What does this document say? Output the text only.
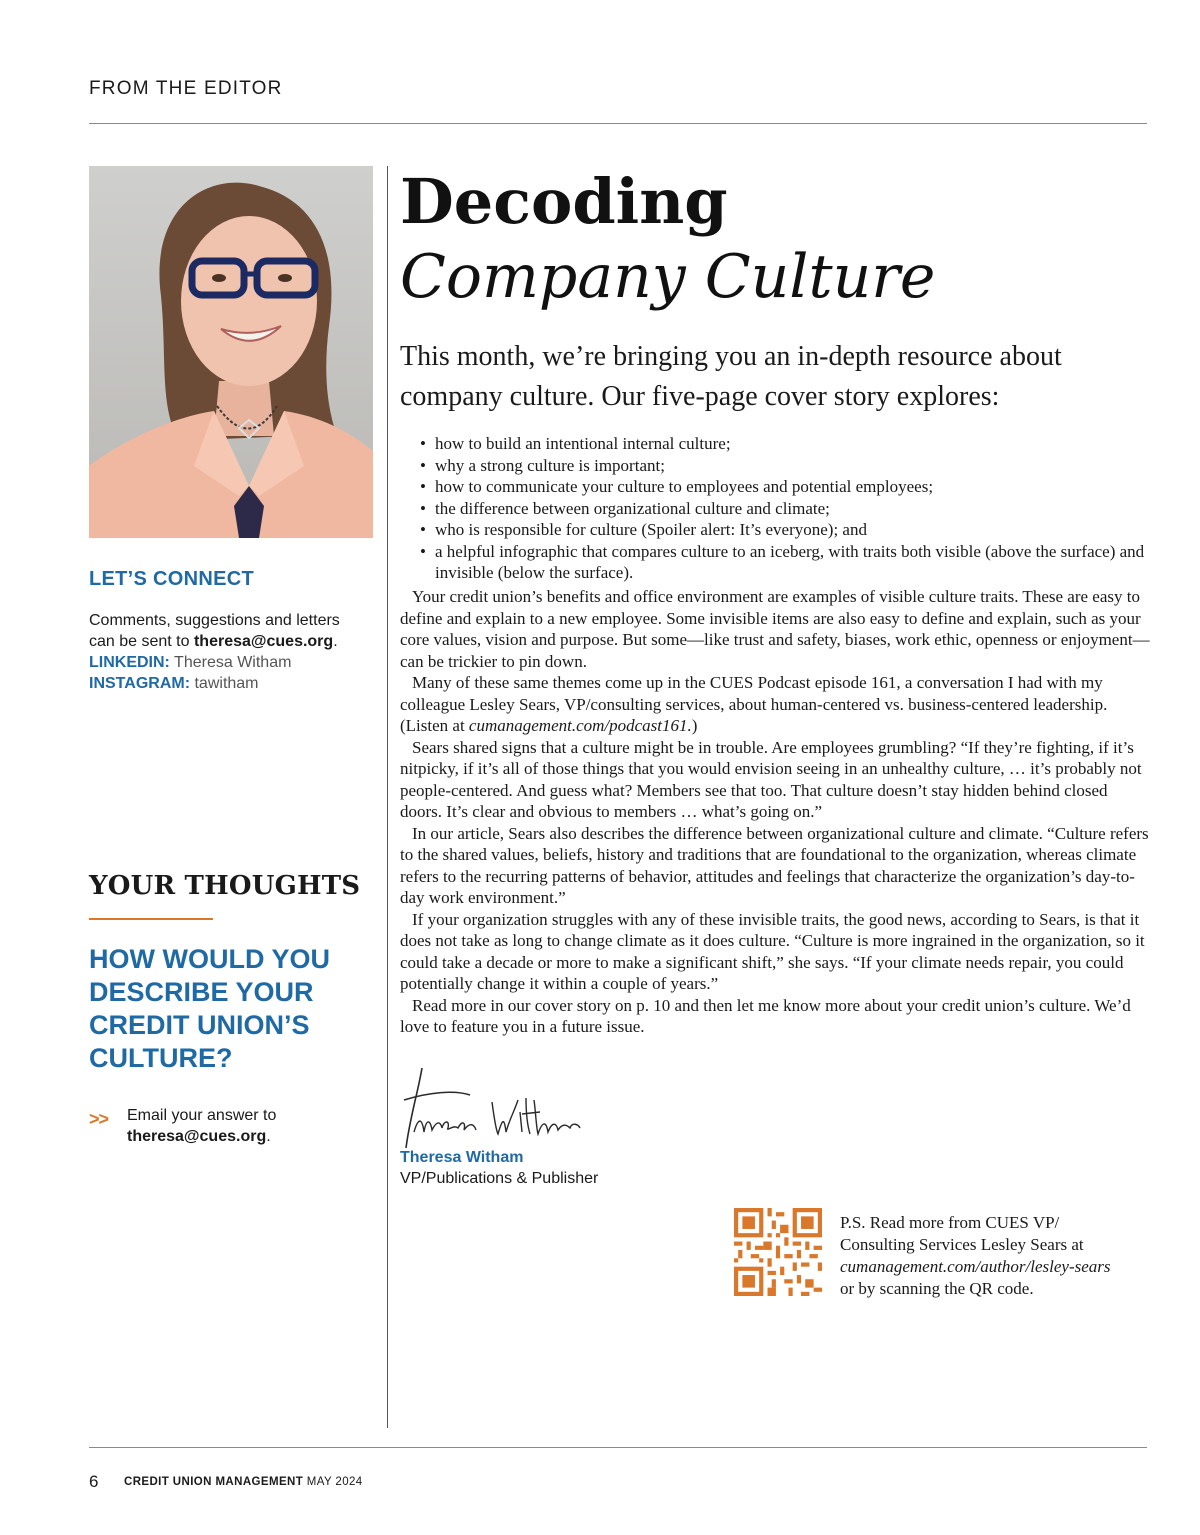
FROM THE EDITOR
LET’S CONNECT
Comments, suggestions and letters
can be sent to theresa@cues.org.
LINKEDIN: Theresa Witham
INSTAGRAM: tawitham
YOUR THOUGHTS
HOW WOULD YOU DESCRIBE YOUR CREDIT UNION’S CULTURE?
>> Email your answer to
theresa@cues.org.
Decoding
Company Culture
This month, we’re bringing you an in-depth resource about company culture. Our five-page cover story explores:
• how to build an intentional internal culture;
• why a strong culture is important;
• how to communicate your culture to employees and potential employees;
• the difference between organizational culture and climate;
• who is responsible for culture (Spoiler alert: It’s everyone); and
• a helpful infographic that compares culture to an iceberg, with traits both visible (above the surface) and invisible (below the surface).

Your credit union’s benefits and office environment are examples of visible culture traits. These are easy to define and explain to a new employee. Some invisible items are also easy to define and explain, such as your core values, vision and purpose. But some—like trust and safety, biases, work ethic, openness or enjoyment—can be trickier to pin down.

Many of these same themes come up in the CUES Podcast episode 161, a conversation I had with my colleague Lesley Sears, VP/consulting services, about human-centered vs. business-centered leadership. (Listen at cumanagement.com/podcast161.)

Sears shared signs that a culture might be in trouble. Are employees grumbling? “If they’re fighting, if it’s nitpicky, if it’s all of those things that you would envision seeing in an unhealthy culture, … it’s probably not people-centered. And guess what? Members see that too. That culture doesn’t stay hidden behind closed doors. It’s clear and obvious to members … what’s going on.”

In our article, Sears also describes the difference between organizational culture and climate. “Culture refers to the shared values, beliefs, history and traditions that are foundational to the organization, whereas climate refers to the recurring patterns of behavior, attitudes and feelings that characterize the organization’s day-to-day work environment.”

If your organization struggles with any of these invisible traits, the good news, according to Sears, is that it does not take as long to change climate as it does culture. “Culture is more ingrained in the organization, so it could take a decade or more to make a significant shift,” she says. “If your climate needs repair, you could potentially change it within a couple of years.”

Read more in our cover story on p. 10 and then let me know more about your credit union’s culture. We’d love to feature you in a future issue.

Theresa Witham
VP/Publications & Publisher
P.S. Read more from CUES VP/
Consulting Services Lesley Sears at
cumanagement.com/author/lesley-sears
or by scanning the QR code.
6 CREDIT UNION MANAGEMENT MAY 2024
